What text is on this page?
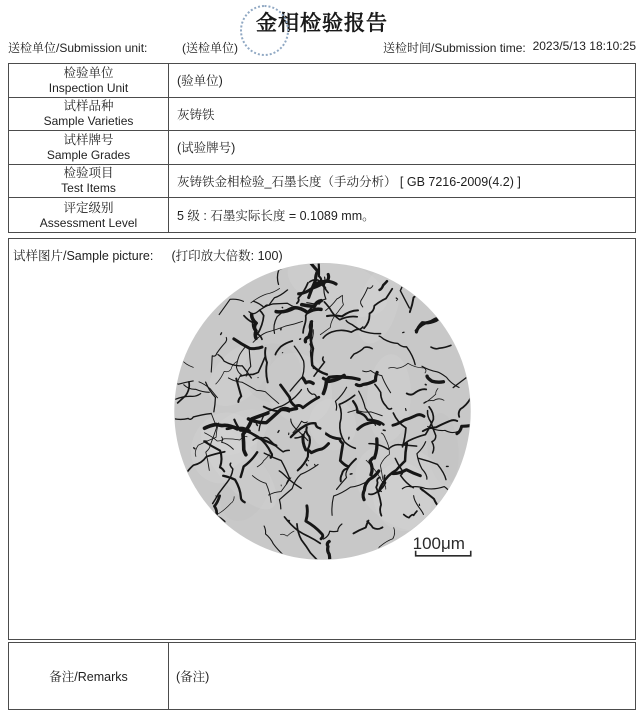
金相检验报告
送检单位/Submission unit:	(送检单位)	送检时间/Submission time: 2023/5/13 18:10:25
检验单位
Inspection Unit	(验单位)
试样品种
Sample Varieties	灰铸铁
试样牌号
Sample Grades	(试验牌号)
检验项目
Test Items	灰铸铁金相检验_石墨长度（手动分析） [ GB 7216-2009(4.2) ]
评定级别
Assessment Level	5 级 : 石墨实际长度 = 0.1089 mm。
100μm
试样图片/Sample picture: (打印放大倍数: 100)
备注/Remarks	(备注)
